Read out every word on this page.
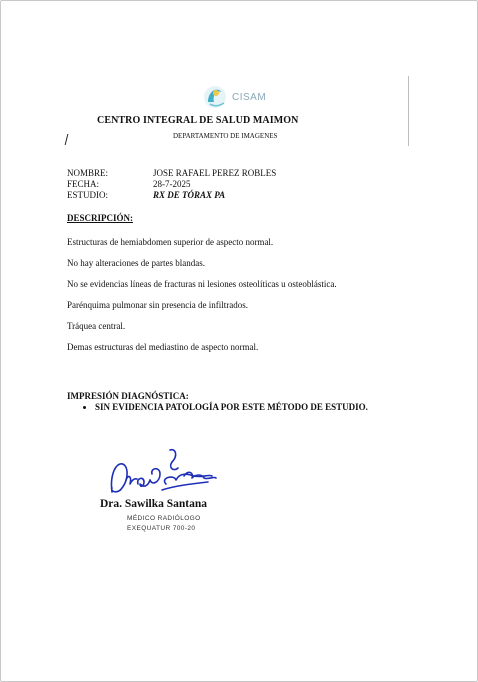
CISAM
CENTRO INTEGRAL DE SALUD MAIMON
DEPARTAMENTO DE IMAGENES
NOMBRE:	JOSE RAFAEL PEREZ ROBLES
FECHA:	28-7-2025
ESTUDIO:	RX DE TÓRAX PA
DESCRIPCIÓN:

Estructuras de hemiabdomen superior de aspecto normal.

No hay alteraciones de partes blandas.

No se evidencias líneas de fracturas ni lesiones osteolíticas u osteoblástica.

Parénquima pulmonar sin presencia de infiltrados.

Tráquea central.

Demas estructuras del mediastino de aspecto normal.

IMPRESIÓN DIAGNÓSTICA:
• SIN EVIDENCIA PATOLOGÍA POR ESTE MÉTODO DE ESTUDIO.
Dra. Sawilka Santana
MÉDICO RADIÓLOGO
EXEQUATUR 700-20
